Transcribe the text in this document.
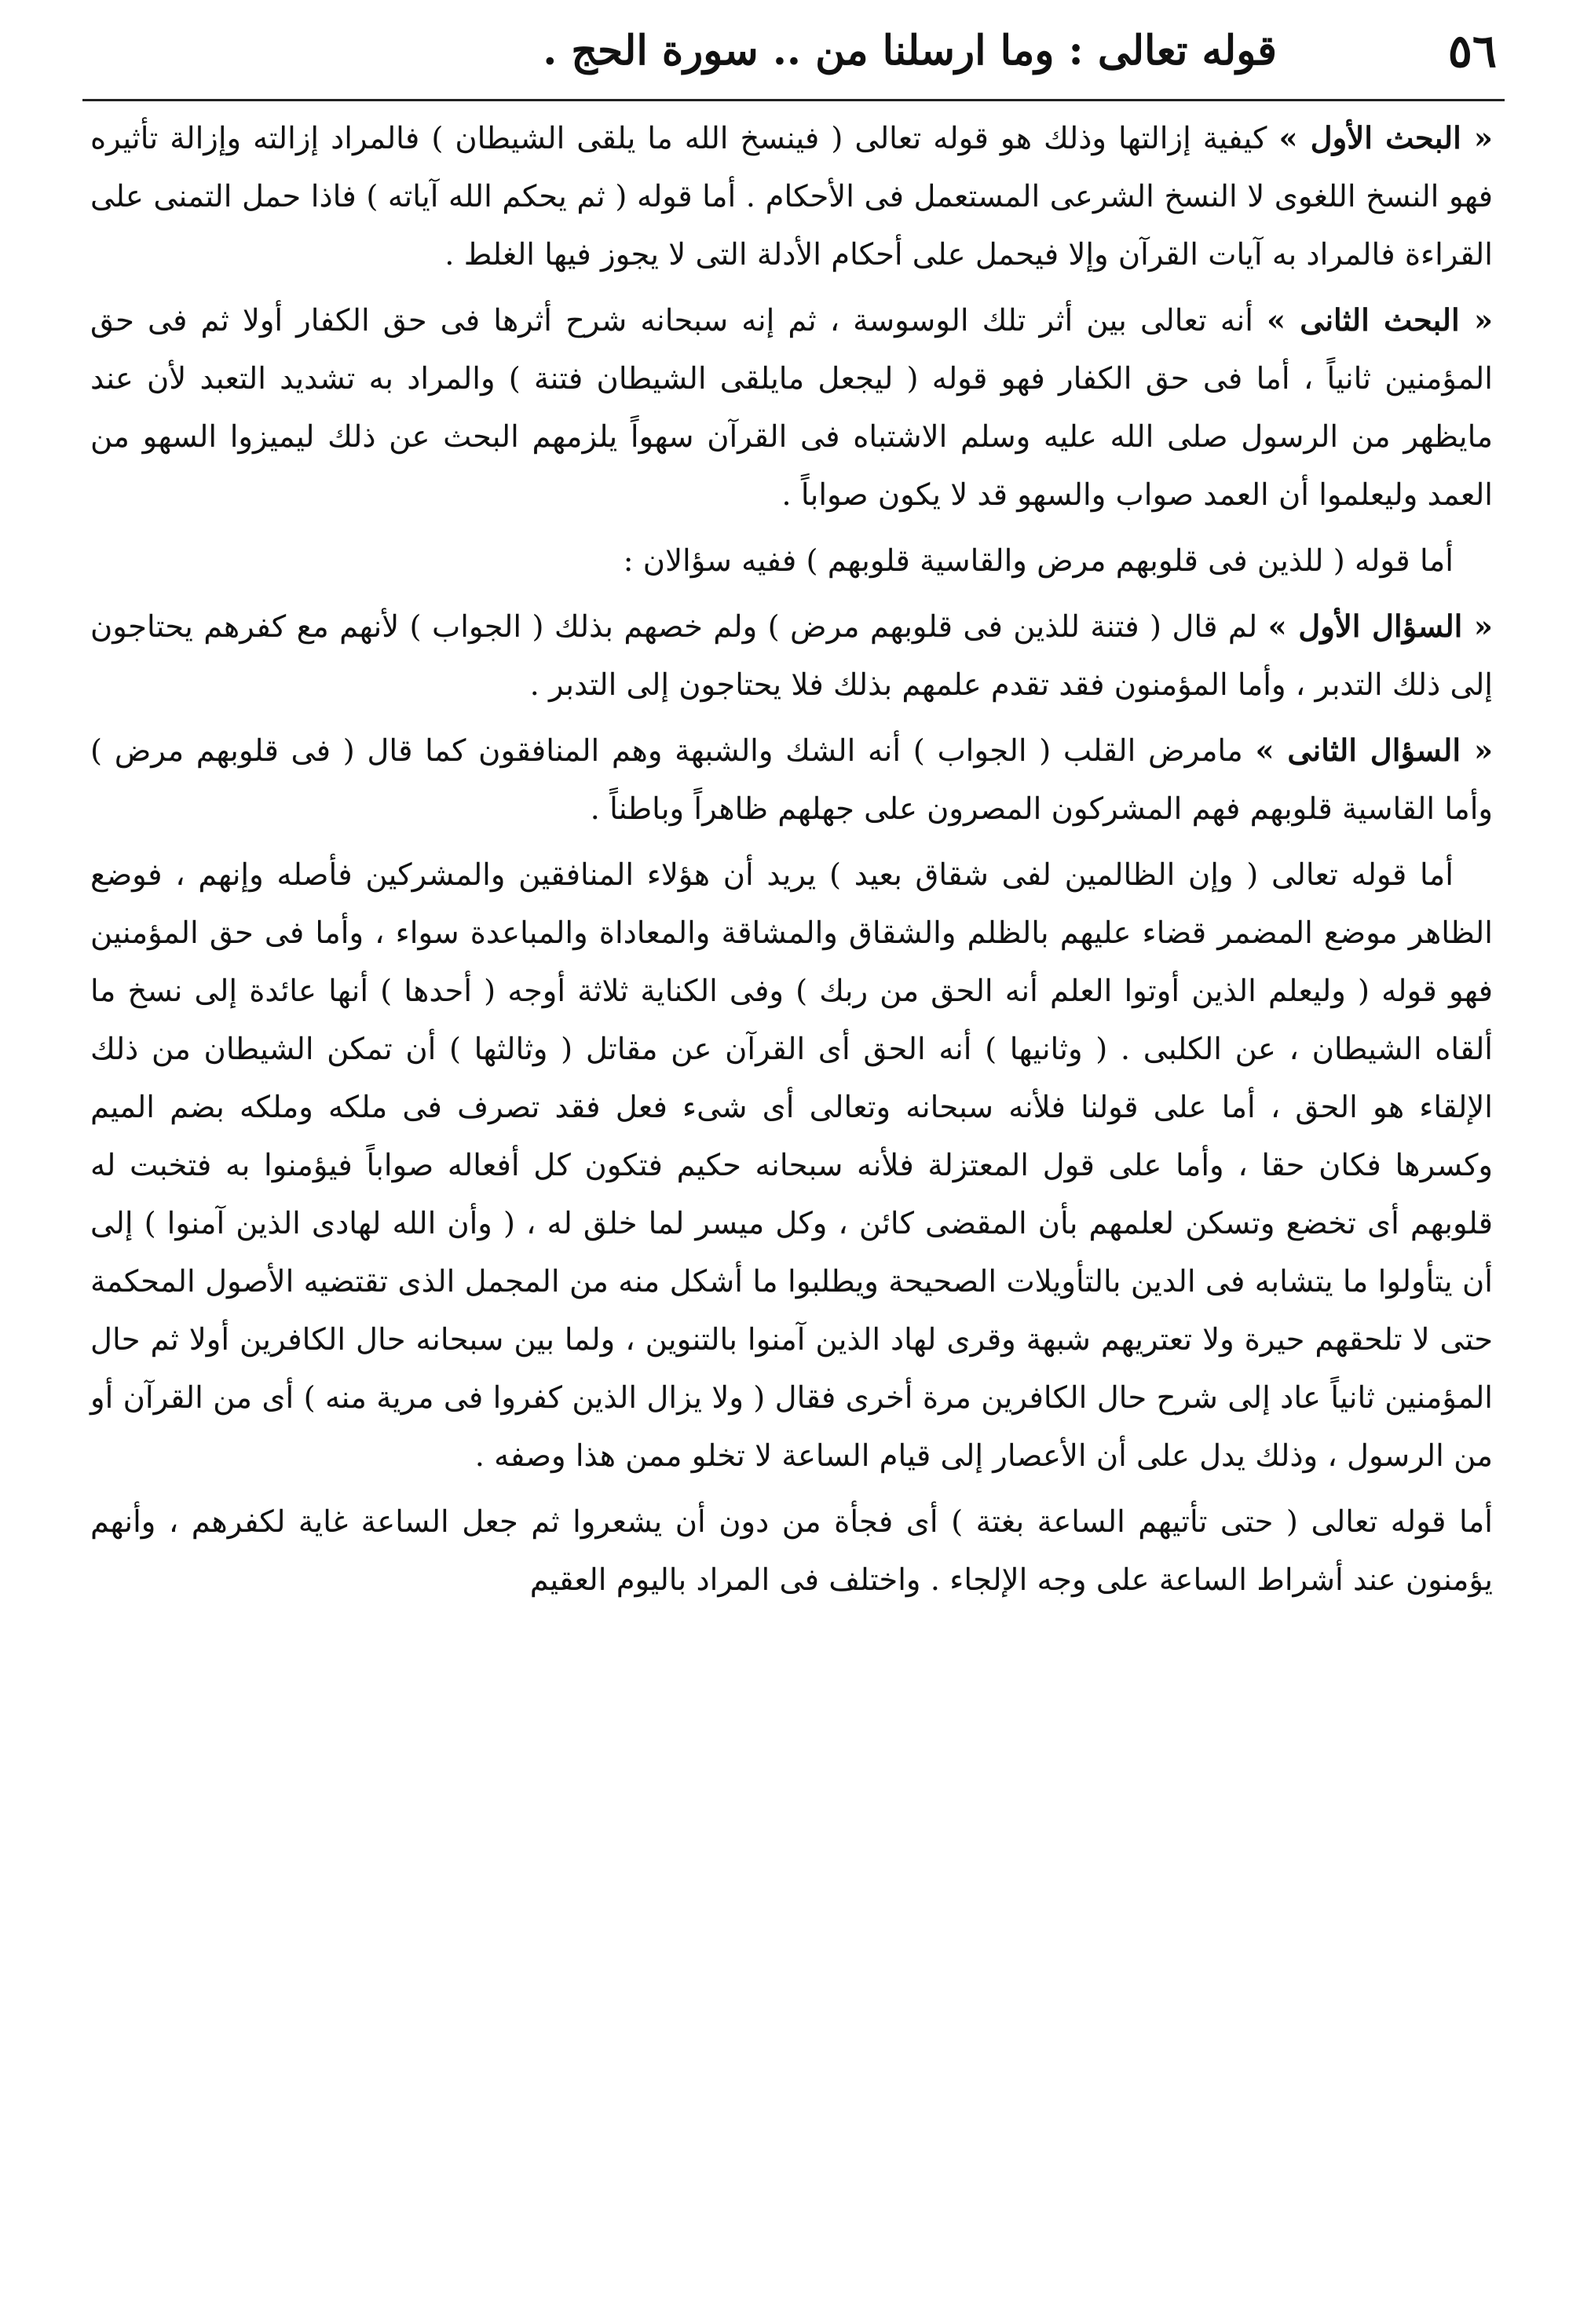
٥٦
قوله تعالى : وما ارسلنا من .. سورة الحج .

« البحث الأول » كيفية إزالتها وذلك هو قوله تعالى ( فينسخ الله ما يلقى الشيطان ) فالمراد إزالته وإزالة تأثيره فهو النسخ اللغوى لا النسخ الشرعى المستعمل فى الأحكام . أما قوله ( ثم يحكم الله آياته ) فاذا حمل التمنى على القراءة فالمراد به آيات القرآن وإلا فيحمل على أحكام الأدلة التى لا يجوز فيها الغلط .

« البحث الثانى » أنه تعالى بين أثر تلك الوسوسة ، ثم إنه سبحانه شرح أثرها فى حق الكفار أولا ثم فى حق المؤمنين ثانياً ، أما فى حق الكفار فهو قوله ( ليجعل مايلقى الشيطان فتنة ) والمراد به تشديد التعبد لأن عند مايظهر من الرسول صلى الله عليه وسلم الاشتباه فى القرآن سهواً يلزمهم البحث عن ذلك ليميزوا السهو من العمد وليعلموا أن العمد صواب والسهو قد لا يكون صواباً .

أما قوله ( للذين فى قلوبهم مرض والقاسية قلوبهم ) ففيه سؤالان :

« السؤال الأول » لم قال ( فتنة للذين فى قلوبهم مرض ) ولم خصهم بذلك ( الجواب ) لأنهم مع كفرهم يحتاجون إلى ذلك التدبر ، وأما المؤمنون فقد تقدم علمهم بذلك فلا يحتاجون إلى التدبر .

« السؤال الثانى » مامرض القلب ( الجواب ) أنه الشك والشبهة وهم المنافقون كما قال ( فى قلوبهم مرض ) وأما القاسية قلوبهم فهم المشركون المصرون على جهلهم ظاهراً وباطناً .

أما قوله تعالى ( وإن الظالمين لفى شقاق بعيد ) يريد أن هؤلاء المنافقين والمشركين فأصله وإنهم ، فوضع الظاهر موضع المضمر قضاء عليهم بالظلم والشقاق والمشاقة والمعاداة والمباعدة سواء ، وأما فى حق المؤمنين فهو قوله ( وليعلم الذين أوتوا العلم أنه الحق من ربك ) وفى الكناية ثلاثة أوجه ( أحدها ) أنها عائدة إلى نسخ ما ألقاه الشيطان ، عن الكلبى . ( وثانيها ) أنه الحق أى القرآن عن مقاتل ( وثالثها ) أن تمكن الشيطان من ذلك الإلقاء هو الحق ، أما على قولنا فلأنه سبحانه وتعالى أى شىء فعل فقد تصرف فى ملكه وملكه بضم الميم وكسرها فكان حقا ، وأما على قول المعتزلة فلأنه سبحانه حكيم فتكون كل أفعاله صواباً فيؤمنوا به فتخبت له قلوبهم أى تخضع وتسكن لعلمهم بأن المقضى كائن ، وكل ميسر لما خلق له ، ( وأن الله لهادى الذين آمنوا ) إلى أن يتأولوا ما يتشابه فى الدين بالتأويلات الصحيحة ويطلبوا ما أشكل منه من المجمل الذى تقتضيه الأصول المحكمة حتى لا تلحقهم حيرة ولا تعتريهم شبهة وقرى لهاد الذين آمنوا بالتنوين ، ولما بين سبحانه حال الكافرين أولا ثم حال المؤمنين ثانياً عاد إلى شرح حال الكافرين مرة أخرى فقال ( ولا يزال الذين كفروا فى مرية منه ) أى من القرآن أو من الرسول ، وذلك يدل على أن الأعصار إلى قيام الساعة لا تخلو ممن هذا وصفه .

أما قوله تعالى ( حتى تأتيهم الساعة بغتة ) أى فجأة من دون أن يشعروا ثم جعل الساعة غاية لكفرهم ، وأنهم يؤمنون عند أشراط الساعة على وجه الإلجاء . واختلف فى المراد باليوم العقيم
